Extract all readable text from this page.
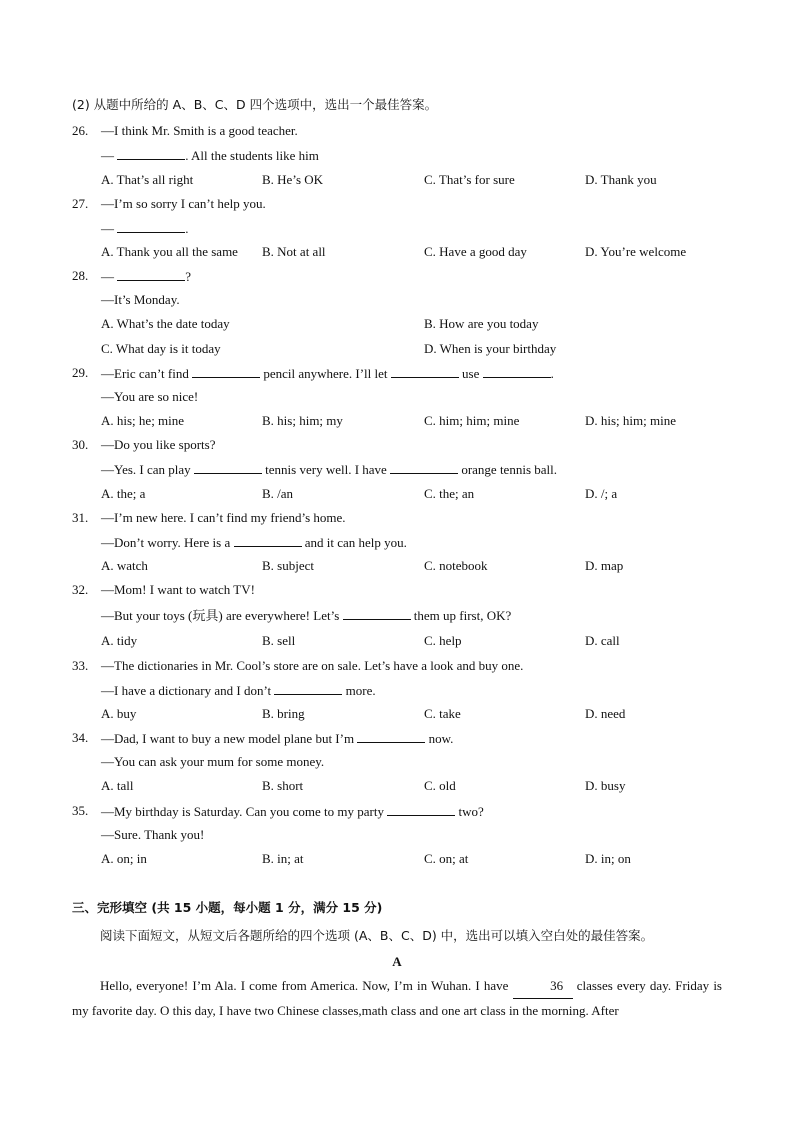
(2) 从题中所给的 A、B、C、D 四个选项中，选出一个最佳答案。
26. —I think Mr. Smith is a good teacher.
—	. All the students like him
A. That’s all right	B. He’s OK	C. That’s for sure	D. Thank you
27. —I’m so sorry I can’t help you.
—	.
A. Thank you all the same B. Not at all	C. Have a good day	D. You’re welcome
28. —	?
—It’s Monday.
A. What’s the date today	B. How are you today
C. What day is it today	D. When is your birthday
29. —Eric can’t find	pencil anywhere. I’ll let	use	.
—You are so nice!
A. his; he; mine	B. his; him; my	C. him; him; mine	D. his; him; mine
30. —Do you like sports?
—Yes. I can play	tennis very well. I have	orange tennis ball.
A. the; a	B. /an	C. the; an	D. /; a
31. —I’m new here. I can’t find my friend’s home.
—Don’t worry. Here is a	and it can help you.
A. watch	B. subject	C. notebook	D. map
32. —Mom! I want to watch TV!
—But your toys (玩具) are everywhere! Let’s	them up first, OK?
A. tidy	B. sell	C. help	D. call
33. —The dictionaries in Mr. Cool’s store are on sale. Let’s have a look and buy one.
—I have a dictionary and I don’t	more.
A. buy	B. bring	C. take	D. need
34. —Dad, I want to buy a new model plane but I’m	now.
—You can ask your mum for some money.
A. tall	B. short	C. old	D. busy
35. —My birthday is Saturday. Can you come to my party	two?
—Sure. Thank you!
A. on; in	B. in; at	C. on; at	D. in; on
三、完形填空 (共 15 小题，每小题 1 分，满分 15 分)
阅读下面短文，从短文后各题所给的四个选项 (A、B、C、D) 中，选出可以填入空白处的最佳答案。
A
Hello, everyone! I’m Ala. I come from America. Now, I’m in Wuhan. I have	36 classes every day. Friday is my favorite day. O this day, I have two Chinese classes,math class and one art class in the morning. After
